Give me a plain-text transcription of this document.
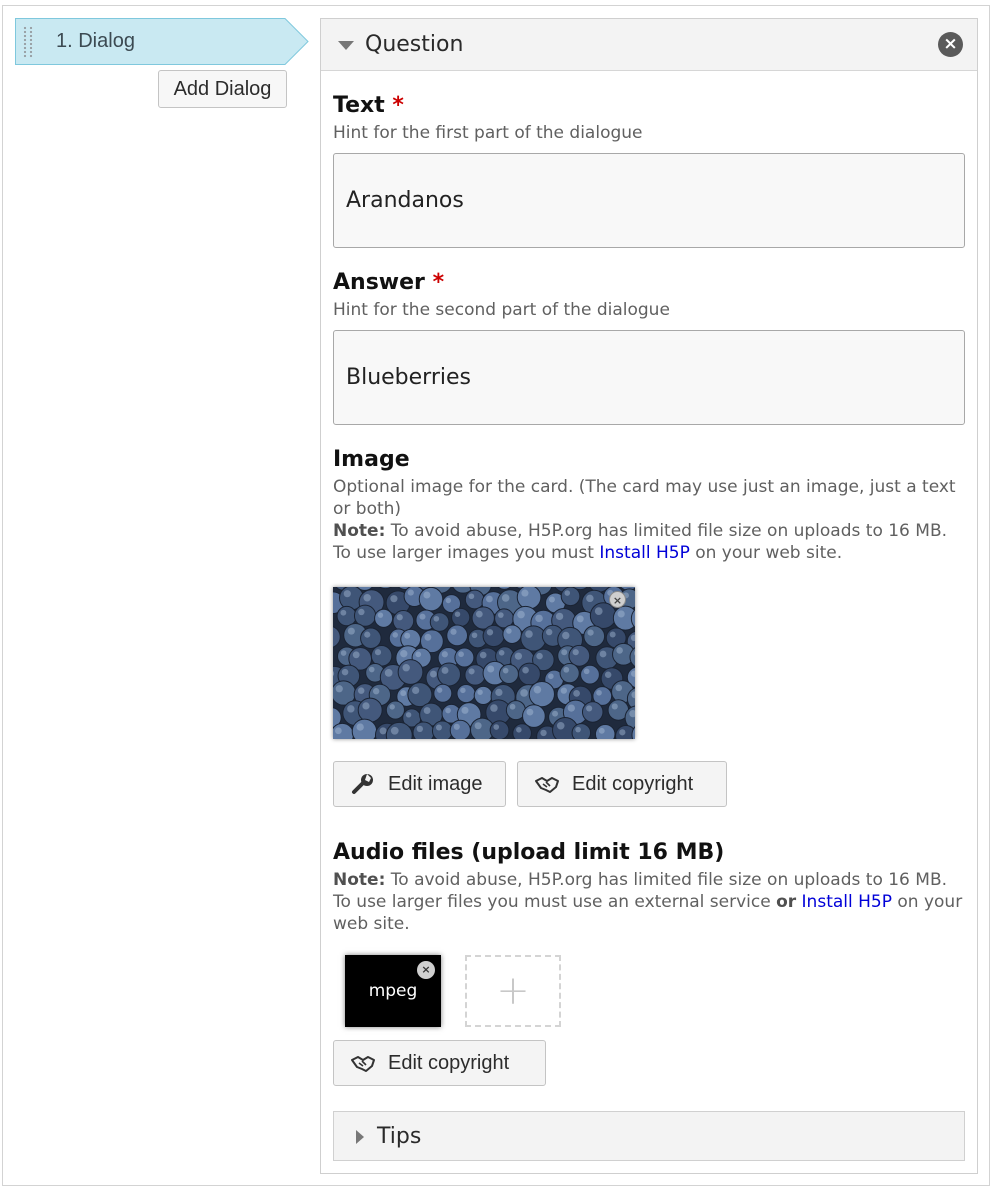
1. Dialog
Add Dialog
Question	×
Text *
Hint for the first part of the dialogue
Arandanos
Answer *
Hint for the second part of the dialogue
Blueberries
Image
Optional image for the card. (The card may use just an image, just a text or both)
Note: To avoid abuse, H5P.org has limited file size on uploads to 16 MB. To use larger images you must Install H5P on your web site.
×
Edit image	Edit copyright
Audio files (upload limit 16 MB)
Note: To avoid abuse, H5P.org has limited file size on uploads to 16 MB. To use larger files you must use an external service or Install H5P on your web site.
mpeg
×	+
Edit copyright
Tips
